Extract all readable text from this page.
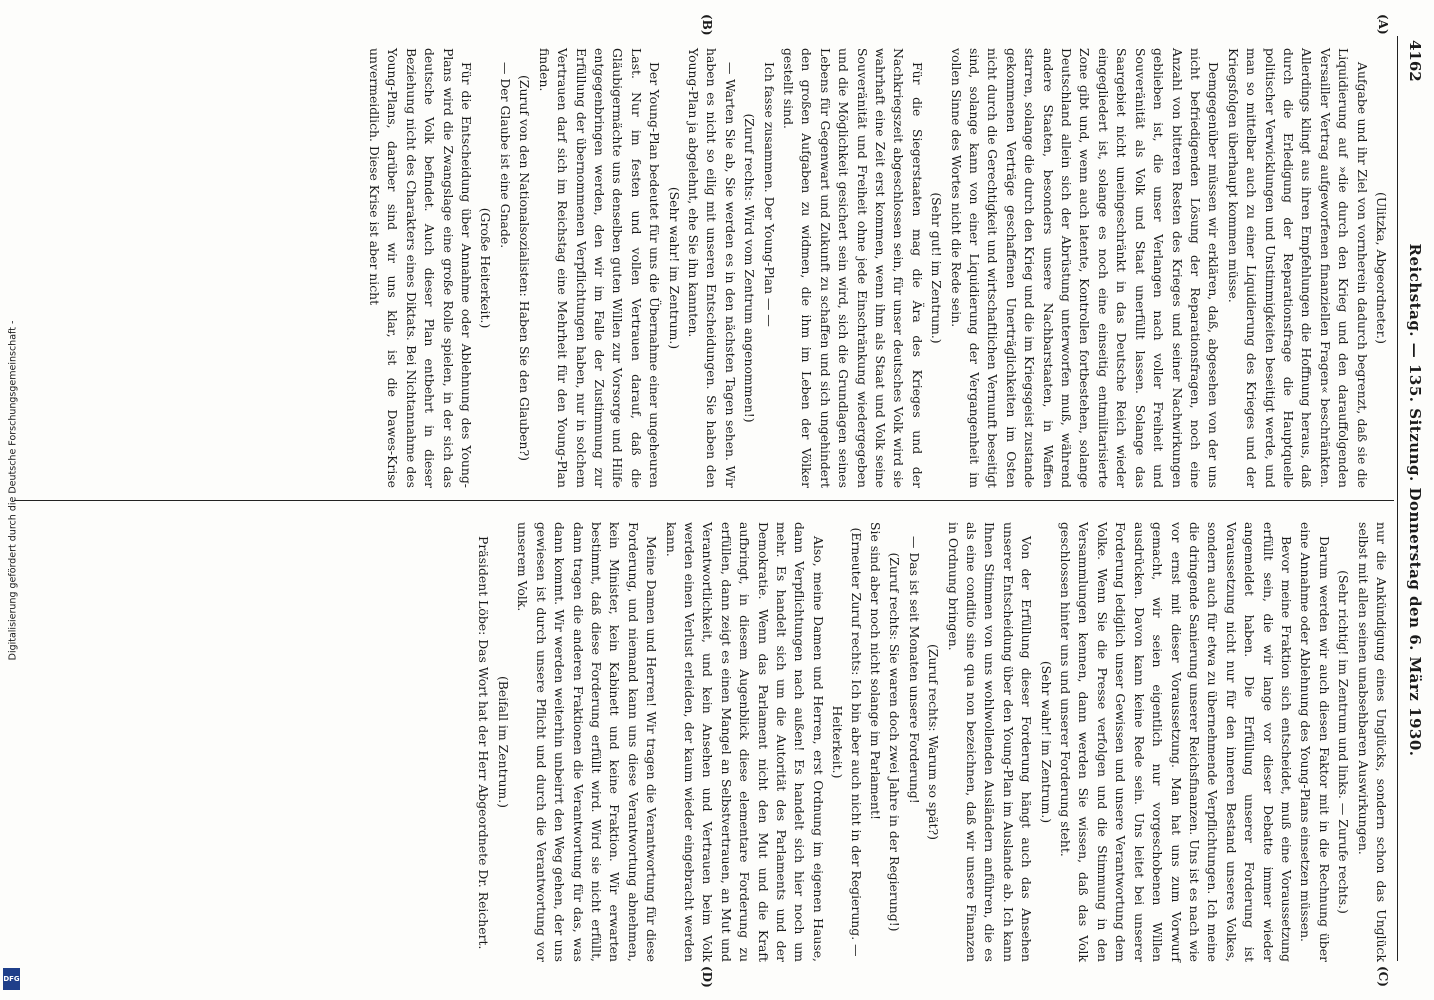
4162
Reichstag. — 135. Sitzung. Donnerstag den 6. März 1930.
(A)
(B)
(C)
(D)

(Ulitzka, Abgeordneter.)

Aufgabe und ihr Ziel von vornherein dadurch begrenzt, daß sie die Liquidierung auf »die durch den Krieg und den darauffolgenden Versailler Vertrag aufgeworfenen finanziellen Fragen« beschränkten. Allerdings klingt aus ihren Empfehlungen die Hoffnung heraus, daß durch die Erledigung der Reparationsfrage die Hauptquelle politischer Verwicklungen und Unstimmigkeiten beseitigt werde, und man so mittelbar auch zu einer Liquidierung des Krieges und der Kriegsfolgen überhaupt kommen müsse.

Demgegenüber müssen wir erklären, daß, abgesehen von der uns nicht befriedigenden Lösung der Reparationsfragen, noch eine Anzahl von bitteren Resten des Krieges und seiner Nachwirkungen geblieben ist, die unser Verlangen nach voller Freiheit und Souveränität als Volk und Staat unerfüllt lassen. Solange das Saargebiet nicht uneingeschränkt in das Deutsche Reich wieder eingegliedert ist, solange es noch eine einseitig entmilitarisierte Zone gibt und, wenn auch latente, Kontrollen fortbestehen, solange Deutschland allein sich der Abrüstung unterworfen muß, während andere Staaten, besonders unsere Nachbarstaaten, in Waffen starren, solange die durch den Krieg und die im Kriegsgeist zustande gekommenen Verträge geschaffenen Unerträglichkeiten im Osten nicht durch die Gerechtigkeit und wirtschaftlichen Vernunft beseitigt sind, solange kann von einer Liquidierung der Vergangenheit im vollen Sinne des Wortes nicht die Rede sein.

(Sehr gut! im Zentrum.)

Für die Siegerstaaten mag die Ära des Krieges und der Nachkriegszeit abgeschlossen sein, für unser deutsches Volk wird sie wahrhaft eine Zeit erst kommen, wenn ihm als Staat und Volk seine Souveränität und Freiheit ohne jede Einschränkung wiedergegeben und die Möglichkeit gesichert sein wird, sich die Grundlagen seines Lebens für Gegenwart und Zukunft zu schaffen und sich ungehindert den großen Aufgaben zu widmen, die ihm im Leben der Völker gestellt sind.

Ich fasse zusammen. Der Young-Plan — —

(Zuruf rechts: Wird vom Zentrum angenommen!)

— Warten Sie ab, Sie werden es in den nächsten Tagen sehen. Wir haben es nicht so eilig mit unseren Entscheidungen. Sie haben den Young-Plan ja abgelehnt, ehe Sie ihn kannten.

(Sehr wahr! im Zentrum.)

Der Young-Plan bedeutet für uns die Übernahme einer ungeheuren Last. Nur im festen und vollen Vertrauen darauf, daß die Gläubigermächte uns denselben guten Willen zur Vorsorge und Hilfe entgegenbringen werden, den wir im Falle der Zustimmung zur Erfüllung der übernommenen Verpflichtungen haben, nur in solchem Vertrauen darf sich im Reichstag eine Mehrheit für den Young-Plan finden.

(Zuruf von den Nationalsozialisten: Haben Sie den Glauben?)

— Der Glaube ist eine Gnade.

(Große Heiterkeit.)

Für die Entscheidung über Annahme oder Ablehnung des Young-Plans wird die Zwangslage eine große Rolle spielen, in der sich das deutsche Volk befindet. Auch dieser Plan entbehrt in dieser Beziehung nicht des Charakters eines Diktats. Bei Nichtannahme des Young-Plans, darüber sind wir uns klar, ist die Dawes-Krise unvermeidlich. Diese Krise ist aber nicht

nur die Ankündigung eines Unglücks, sondern schon das Unglück selbst mit allen seinen unabsehbaren Auswirkungen.

(Sehr richtig! im Zentrum und links. — Zurufe rechts.)

Darum werden wir auch diesen Faktor mit in die Rechnung über eine Annahme oder Ablehnung des Young-Plans einsetzen müssen.

Bevor meine Fraktion sich entscheidet, muß eine Voraussetzung erfüllt sein, die wir lange vor dieser Debatte immer wieder angemeldet haben. Die Erfüllung unserer Forderung ist Voraussetzung nicht nur für den inneren Bestand unseres Volkes, sondern auch für etwa zu übernehmende Verpflichtungen. Ich meine die dringende Sanierung unserer Reichsfinanzen. Uns ist es nach wie vor ernst mit dieser Voraussetzung. Man hat uns zum Vorwurf gemacht, wir seien eigentlich nur vorgeschobenen Willen ausdrücken. Davon kann keine Rede sein. Uns leitet bei unserer Forderung lediglich unser Gewissen und unsere Verantwortung dem Volke. Wenn Sie die Presse verfolgen und die Stimmung in den Versammlungen kennen, dann werden Sie wissen, daß das Volk geschlossen hinter uns und unserer Forderung steht.

(Sehr wahr! im Zentrum.)

Von der Erfüllung dieser Forderung hängt auch das Ansehen unserer Entscheidung über den Young-Plan im Auslande ab. Ich kann Ihnen Stimmen von uns wohlwollenden Ausländern anführen, die es als eine conditio sine qua non bezeichnen, daß wir unsere Finanzen in Ordnung bringen.

(Zuruf rechts: Warum so spät?)

— Das ist seit Monaten unsere Forderung!

(Zuruf rechts: Sie waren doch zwei Jahre in der Regierung!)

Sie sind aber noch nicht solange im Parlament!

(Erneuter Zuruf rechts: Ich bin aber auch nicht in der Regierung. — Heiterkeit.)

Also, meine Damen und Herren, erst Ordnung im eigenen Hause, dann Verpflichtungen nach außen! Es handelt sich hier noch um mehr. Es handelt sich um die Autorität des Parlaments und der Demokratie. Wenn das Parlament nicht den Mut und die Kraft aufbringt, in diesem Augenblick diese elementare Forderung zu erfüllen, dann zeigt es einen Mangel an Selbstvertrauen, an Mut und Verantwortlichkeit, und kein Ansehen und Vertrauen beim Volk werden einen Verlust erleiden, der kaum wieder eingebracht werden kann.

Meine Damen und Herren! Wir tragen die Verantwortung für diese Forderung, und niemand kann uns diese Verantwortung abnehmen, kein Minister, kein Kabinett und keine Fraktion. Wir erwarten bestimmt, daß diese Forderung erfüllt wird. Wird sie nicht erfüllt, dann tragen die anderen Fraktionen die Verantwortung für das, was dann kommt. Wir werden weiterhin unbeirrt den Weg gehen, der uns gewiesen ist durch unsere Pflicht und durch die Verantwortung vor unserem Volk.

(Beifall im Zentrum.)

Präsident Löbe: Das Wort hat der Herr Abgeordnete Dr. Reichert.

Digitalisierung gefördert durch die Deutsche Forschungsgemeinschaft -
DFG
